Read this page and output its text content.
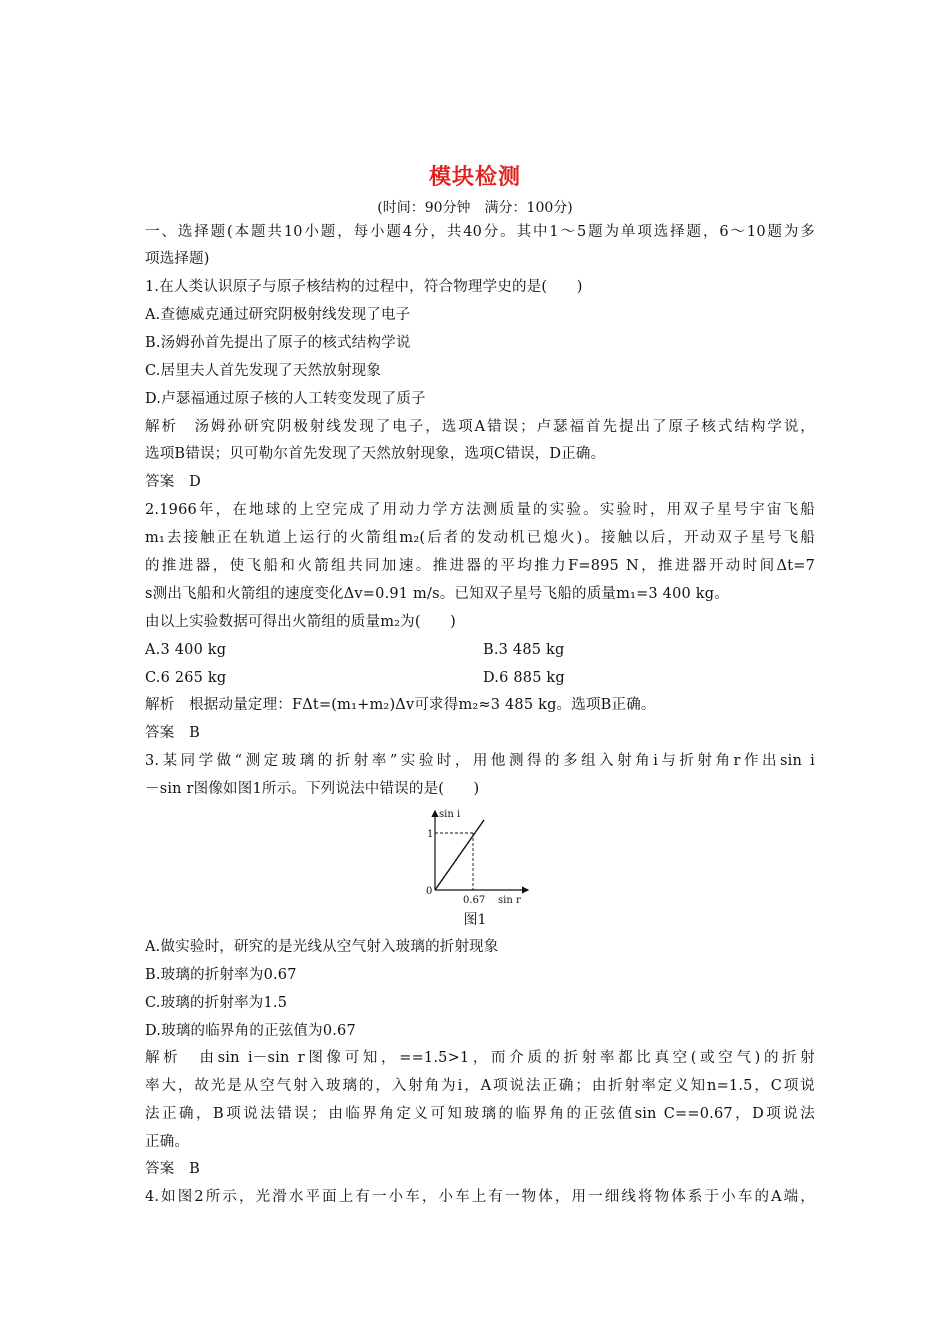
模块检测
(时间：90分钟　满分：100分)
一、选择题(本题共10小题，每小题4分，共40分。其中1～5题为单项选择题，6～10题为多
项选择题)
1.在人类认识原子与原子核结构的过程中，符合物理学史的是(　　)
A.查德威克通过研究阴极射线发现了电子
B.汤姆孙首先提出了原子的核式结构学说
C.居里夫人首先发现了天然放射现象
D.卢瑟福通过原子核的人工转变发现了质子
解析　汤姆孙研究阴极射线发现了电子，选项A错误；卢瑟福首先提出了原子核式结构学说，
选项B错误；贝可勒尔首先发现了天然放射现象，选项C错误，D正确。
答案　D
2.1966年，在地球的上空完成了用动力学方法测质量的实验。实验时，用双子星号宇宙飞船
m₁去接触正在轨道上运行的火箭组m₂(后者的发动机已熄火)。接触以后，开动双子星号飞船
的推进器，使飞船和火箭组共同加速。推进器的平均推力F=895 N，推进器开动时间Δt=7
s测出飞船和火箭组的速度变化Δv=0.91 m/s。已知双子星号飞船的质量m₁=3 400 kg。
由以上实验数据可得出火箭组的质量m₂为(　　)
A.3 400 kg	B.3 485 kg
C.6 265 kg	D.6 885 kg
解析　根据动量定理：FΔt=(m₁+m₂)Δv可求得m₂≈3 485 kg。选项B正确。
答案　B
3.某同学做“测定玻璃的折射率”实验时，用他测得的多组入射角i与折射角r作出sin i
－sin r图像如图1所示。下列说法中错误的是(　　)
sin i
sin r
0
1
0.67
图1
A.做实验时，研究的是光线从空气射入玻璃的折射现象
B.玻璃的折射率为0.67
C.玻璃的折射率为1.5
D.玻璃的临界角的正弦值为0.67
解析　由sin i－sin r图像可知，==1.5>1，而介质的折射率都比真空(或空气)的折射
率大，故光是从空气射入玻璃的，入射角为i，A项说法正确；由折射率定义知n=1.5，C项说
法正确，B项说法错误；由临界角定义可知玻璃的临界角的正弦值sin C==0.67，D项说法
正确。
答案　B
4.如图2所示，光滑水平面上有一小车，小车上有一物体，用一细线将物体系于小车的A端，
